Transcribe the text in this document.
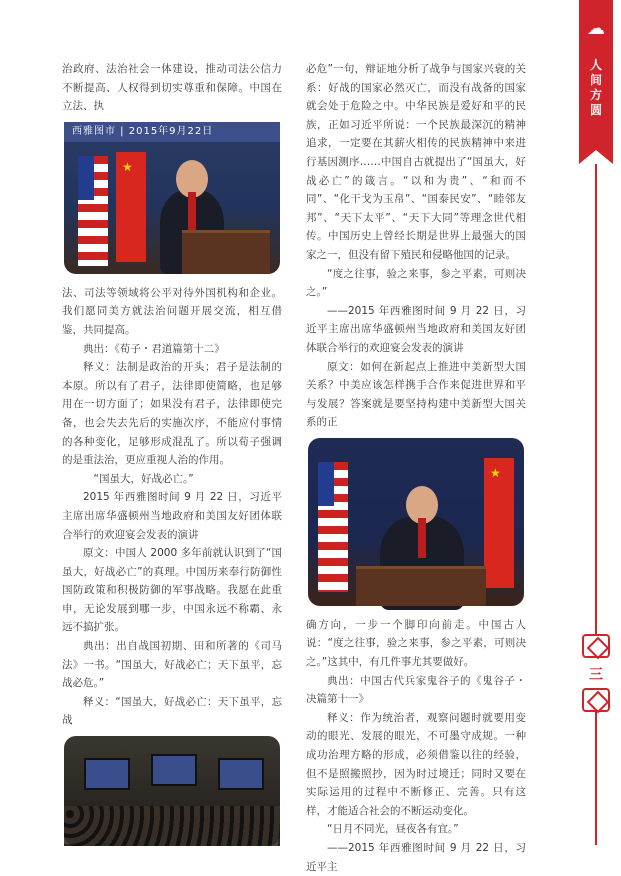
治政府、法治社会一体建设，推动司法公信力不断提高、人权得到切实尊重和保障。中国在立法、执

西雅图市 | 2015年9月22日
★

法、司法等领域将公平对待外国机构和企业。我们愿同美方就法治问题开展交流，相互借鉴，共同提高。

典出：《荀子・君道篇第十二》

释义：法制是政治的开头；君子是法制的本原。所以有了君子，法律即使简略，也足够用在一切方面了；如果没有君子，法律即使完备，也会失去先后的实施次序，不能应付事情的各种变化，足够形成混乱了。所以荀子强调的是重法治，更应重视人治的作用。

“国虽大，好战必亡。”

2015 年西雅图时间 9 月 22 日，习近平主席出席华盛顿州当地政府和美国友好团体联合举行的欢迎宴会发表的演讲

原文：中国人 2000 多年前就认识到了“国虽大，好战必亡”的真理。中国历来奉行防御性国防政策和积极防御的军事战略。我愿在此重申，无论发展到哪一步，中国永远不称霸、永远不搞扩张。

典出：出自战国初期、田和所著的《司马法》一书。“国虽大，好战必亡；天下虽平，忘战必危。”

释义：“国虽大，好战必亡：天下虽平，忘战

必危”一句，辩证地分析了战争与国家兴衰的关系：好战的国家必然灭亡，而没有战备的国家就会处于危险之中。中华民族是爱好和平的民族，正如习近平所说：一个民族最深沉的精神追求，一定要在其薪火相传的民族精神中来进行基因测序……中国自古就提出了“国虽大，好战必亡”的箴言。“以和为贵”、“和而不同”、“化干戈为玉帛”、“国泰民安”、“睦邻友邦”、“天下太平”、“天下大同”等理念世代相传。中国历史上曾经长期是世界上最强大的国家之一，但没有留下殖民和侵略他国的记录。

“度之往事，验之来事，参之平素，可则决之。”

——2015 年西雅图时间 9 月 22 日，习近平主席出席华盛顿州当地政府和美国友好团体联合举行的欢迎宴会发表的演讲

原文：如何在新起点上推进中美新型大国关系？中美应该怎样携手合作来促进世界和平与发展？答案就是要坚持构建中美新型大国关系的正

★

确方向，一步一个脚印向前走。中国古人说：“度之往事，验之来事，参之平素，可则决之。”这其中，有几件事尤其要做好。

典出：中国古代兵家鬼谷子的《鬼谷子・决篇第十一》

释义：作为统治者，观察问题时就要用变动的眼光、发展的眼光，不可墨守成规。一种成功治理方略的形成，必须借鉴以往的经验，但不是照搬照抄，因为时过境迁；同时又要在实际运用的过程中不断修正、完善。只有这样，才能适合社会的不断运动变化。

“日月不同光，昼夜各有宜。”

——2015 年西雅图时间 9 月 22 日，习近平主

☁
人
间
方
圆
三
